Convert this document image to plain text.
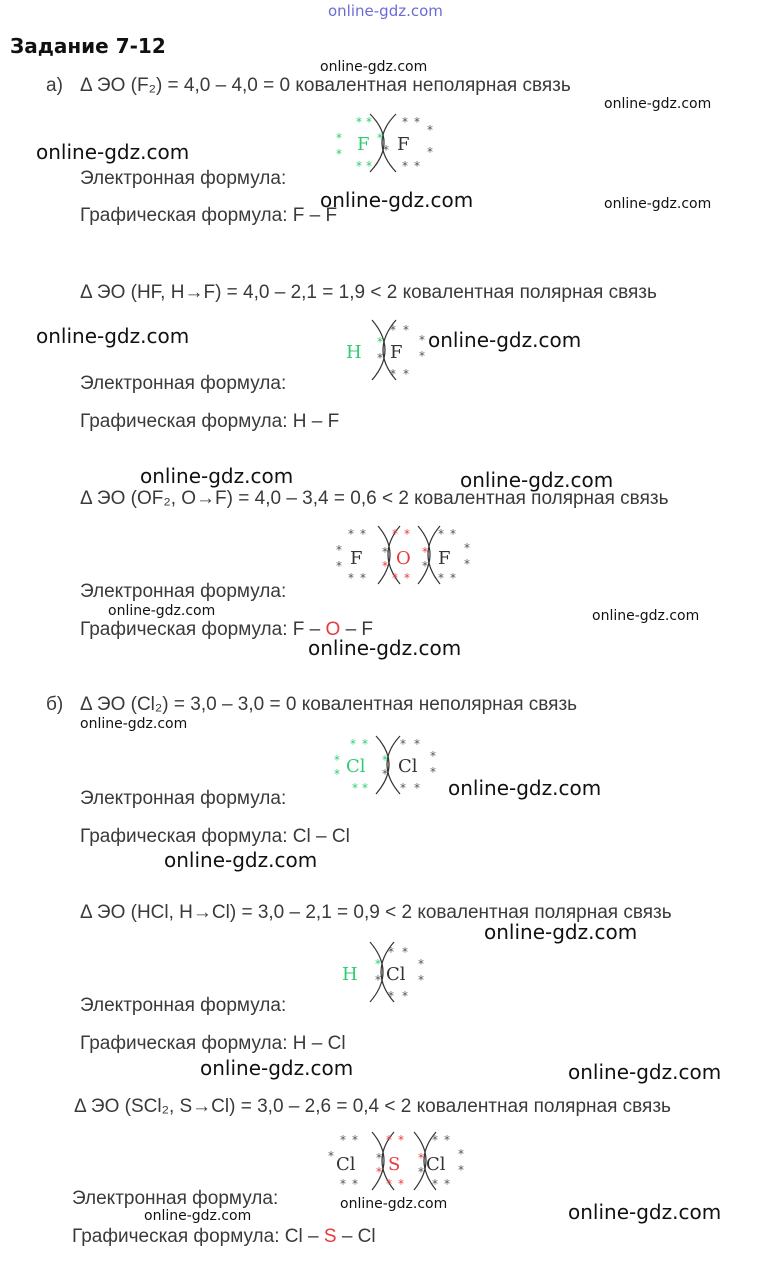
online-gdz.com
Задание 7-12
online-gdz.com
а) Δ ЭО (F₂) = 4,0 – 4,0 = 0 ковалентная неполярная связь
online-gdz.com
online-gdz.com	F F
* *
*
*
* *
*
*
* *
*
*
* *
Электронная формула:
online-gdz.com	online-gdz.com
Графическая формула: F – F
Δ ЭО (HF, H→F) = 4,0 – 2,1 = 1,9 < 2 ковалентная полярная связь
online-gdz.com	online-gdz.com
H F
*
*
* *
*
*
* *
Электронная формула:
Графическая формула: H – F
online-gdz.com	online-gdz.com
Δ ЭО (OF₂, O→F) = 4,0 – 3,4 = 0,6 < 2 ковалентная полярная связь
F O F
* *
*
*
* *
* *
* *
*
*
*
*
* *
*
*
* *
Электронная формула:
online-gdz.com	online-gdz.com
Графическая формула: F – O – F
online-gdz.com
б) Δ ЭО (Cl₂) = 3,0 – 3,0 = 0 ковалентная неполярная связь
online-gdz.com
Cl Cl
* *
*
*
* *
*
*
* *
*
*
* * online-gdz.com
Электронная формула:
Графическая формула: Cl – Cl
online-gdz.com
Δ ЭО (HCl, H→Cl) = 3,0 – 2,1 = 0,9 < 2 ковалентная полярная связь
online-gdz.com
H Cl
*
*
* *
*
*
* *
Электронная формула:
Графическая формула: H – Cl
online-gdz.com	online-gdz.com
Δ ЭО (SCl₂, S→Cl) = 3,0 – 2,6 = 0,4 < 2 ковалентная полярная связь
Cl S Cl
* *
*
* *
* *
* *
*
*
*
*
* *
*
*
* *
Электронная формула:	online-gdz.com	online-gdz.com
online-gdz.com
Графическая формула: Cl – S – Cl
